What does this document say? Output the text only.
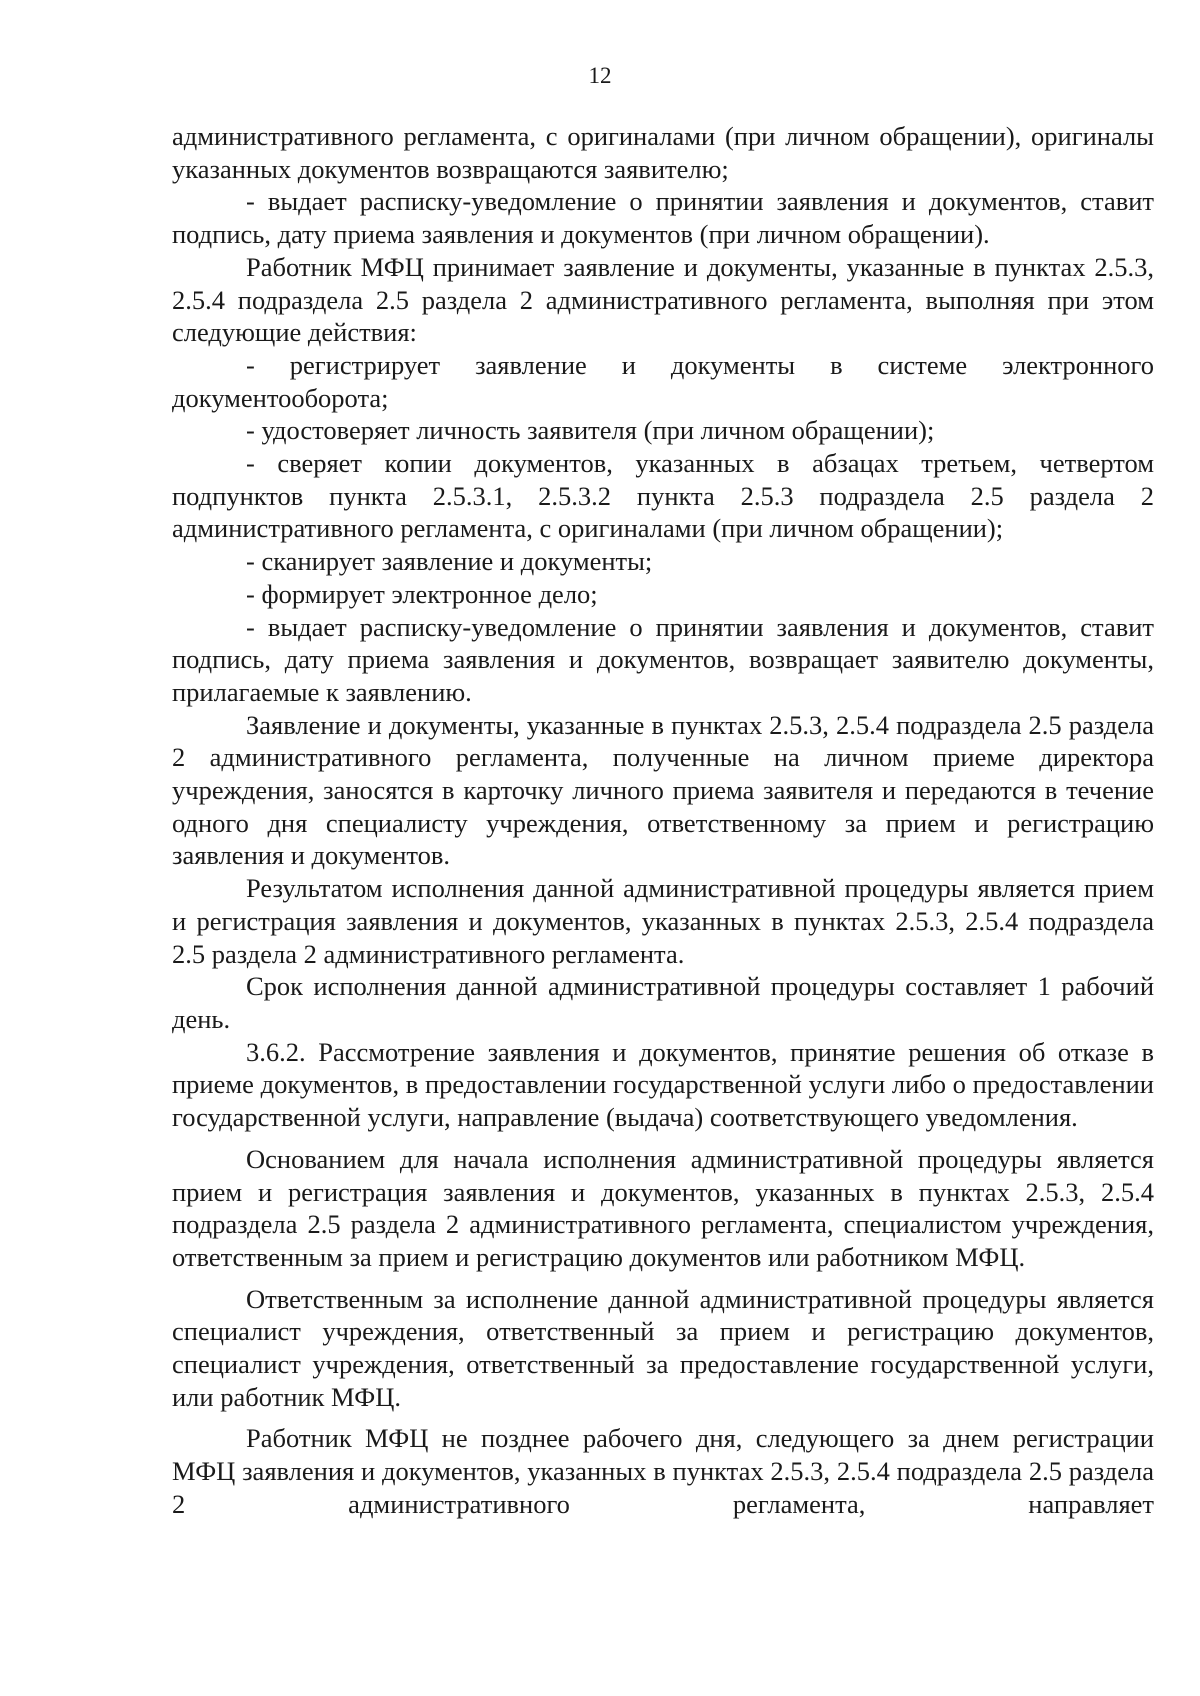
12

административного регламента, с оригиналами (при личном обращении), оригиналы указанных документов возвращаются заявителю;

- выдает расписку-уведомление о принятии заявления и документов, ставит подпись, дату приема заявления и документов (при личном обращении).

Работник МФЦ принимает заявление и документы, указанные в пунктах 2.5.3, 2.5.4 подраздела 2.5 раздела 2 административного регламента, выполняя при этом следующие действия:

- регистрирует заявление и документы в системе электронного документооборота;

- удостоверяет личность заявителя (при личном обращении);

- сверяет копии документов, указанных в абзацах третьем, четвертом подпунктов пункта 2.5.3.1, 2.5.3.2 пункта 2.5.3 подраздела 2.5 раздела 2 административного регламента, с оригиналами (при личном обращении);

- сканирует заявление и документы;

- формирует электронное дело;

- выдает расписку-уведомление о принятии заявления и документов, ставит подпись, дату приема заявления и документов, возвращает заявителю документы, прилагаемые к заявлению.

Заявление и документы, указанные в пунктах 2.5.3, 2.5.4 подраздела 2.5 раздела 2 административного регламента, полученные на личном приеме директора учреждения, заносятся в карточку личного приема заявителя и передаются в течение одного дня специалисту учреждения, ответственному за прием и регистрацию заявления и документов.

Результатом исполнения данной административной процедуры является прием и регистрация заявления и документов, указанных в пунктах 2.5.3, 2.5.4 подраздела 2.5 раздела 2 административного регламента.

Срок исполнения данной административной процедуры составляет 1 рабочий день.

3.6.2. Рассмотрение заявления и документов, принятие решения об отказе в приеме документов, в предоставлении государственной услуги либо о предоставлении государственной услуги, направление (выдача) соответствующего уведомления.

Основанием для начала исполнения административной процедуры является прием и регистрация заявления и документов, указанных в пунктах 2.5.3, 2.5.4 подраздела 2.5 раздела 2 административного регламента, специалистом учреждения, ответственным за прием и регистрацию документов или работником МФЦ.

Ответственным за исполнение данной административной процедуры является специалист учреждения, ответственный за прием и регистрацию документов, специалист учреждения, ответственный за предоставление государственной услуги, или работник МФЦ.

Работник МФЦ не позднее рабочего дня, следующего за днем регистрации МФЦ заявления и документов, указанных в пунктах 2.5.3, 2.5.4 подраздела 2.5 раздела 2 административного регламента, направляет
